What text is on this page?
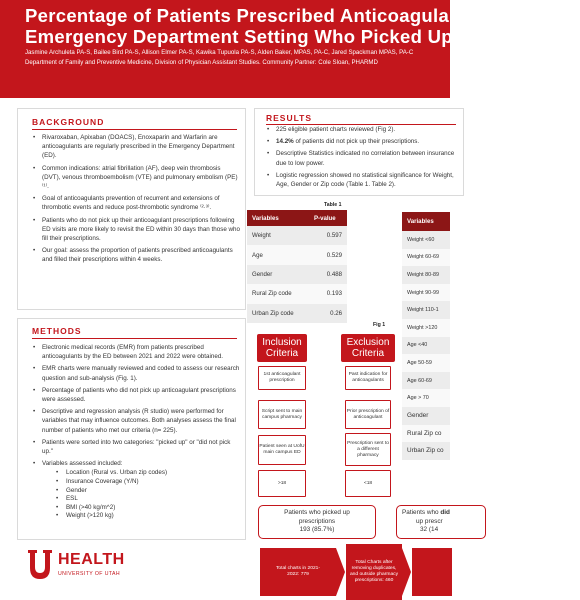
Percentage of Patients Prescribed Anticoagulants in the
Emergency Department Setting Who Picked Up Prescriptions
Jasmine Archuleta PA-S, Bailee Bird PA-S, Allison Elmer PA-S, Kawika Tupuola PA-S, Alden Baker, MPAS, PA-C, Jared Spackman MPAS, PA-C
Department of Family and Preventive Medicine, Division of Physician Assistant Studies. Community Partner: Cole Sloan, PHARMD
BACKGROUND
• Rivaroxaban, Apixaban (DOACS), Enoxaparin and Warfarin are anticoagulants are regularly prescribed in the Emergency Department (ED).
• Common indications: atrial fibrillation (AF), deep vein thrombosis (DVT), venous thromboembolism (VTE) and pulmonary embolism (PE) ⁽¹⁾.
• Goal of anticoagulants prevention of recurrent and extensions of thrombotic events and reduce post-thrombotic syndrome ⁽²·³⁾.
• Patients who do not pick up their anticoagulant prescriptions following ED visits are more likely to revisit the ED within 30 days than those who fill their prescriptions.
• Our goal: assess the proportion of patients prescribed anticoagulants and filled their prescriptions within 4 weeks.
METHODS
• Electronic medical records (EMR) from patients prescribed anticoagulants by the ED between 2021 and 2022 were obtained.
• EMR charts were manually reviewed and coded to assess our research question and sub-analysis (Fig. 1).
• Percentage of patients who did not pick up anticoagulant prescriptions were assessed.
• Descriptive and regression analysis (R studio) were performed for variables that may influence outcomes. Both analyses assess the final number of patients who met our criteria (n= 225).
• Patients were sorted into two categories: "picked up" or "did not pick up."
• Variables assessed included:
• Location (Rural vs. Urban zip codes)
• Insurance Coverage (Y/N)
• Gender
• ESL
• BMI (>40 kg/m^2)
• Weight (>120 kg)
HEALTH
UNIVERSITY OF UTAH
RESULTS
• 225 eligible patient charts reviewed (Fig 2).
• 14.2% of patients did not pick up their prescriptions.
• Descriptive Statistics indicated no correlation between insurance due to low power.
• Logistic regression showed no statistical significance for Weight, Age, Gender or Zip code (Table 1. Table 2).
Table 1
Variables	P-value
Weight	0.597
Age	0.529
Gender	0.488
Rural Zip code	0.193
Urban Zip code	0.26
Variables
Weight <60
Weight 60-69
Weight 80-89
Weight 90-99
Weight 110-1
Weight >120
Age <40
Age 50-59
Age 60-69
Age > 70
Gender
Rural Zip co
Urban Zip co
Fig 1
Inclusion Criteria
Exclusion Criteria
1st anticoagulant prescription
Script sent to main campus pharmacy
Patient seen at UofU main campus ED
>18
Past indication for anticoagulants
Prior prescription of anticoagulant
Prescription sent to a different pharmacy
<18
Patients who picked up prescriptions
193 (85.7%)
Patients who did
up prescr
32 (14
Total charts in 2021-2022: 779
Total Charts after removing duplicates, and outside pharmacy prescriptions: 460
